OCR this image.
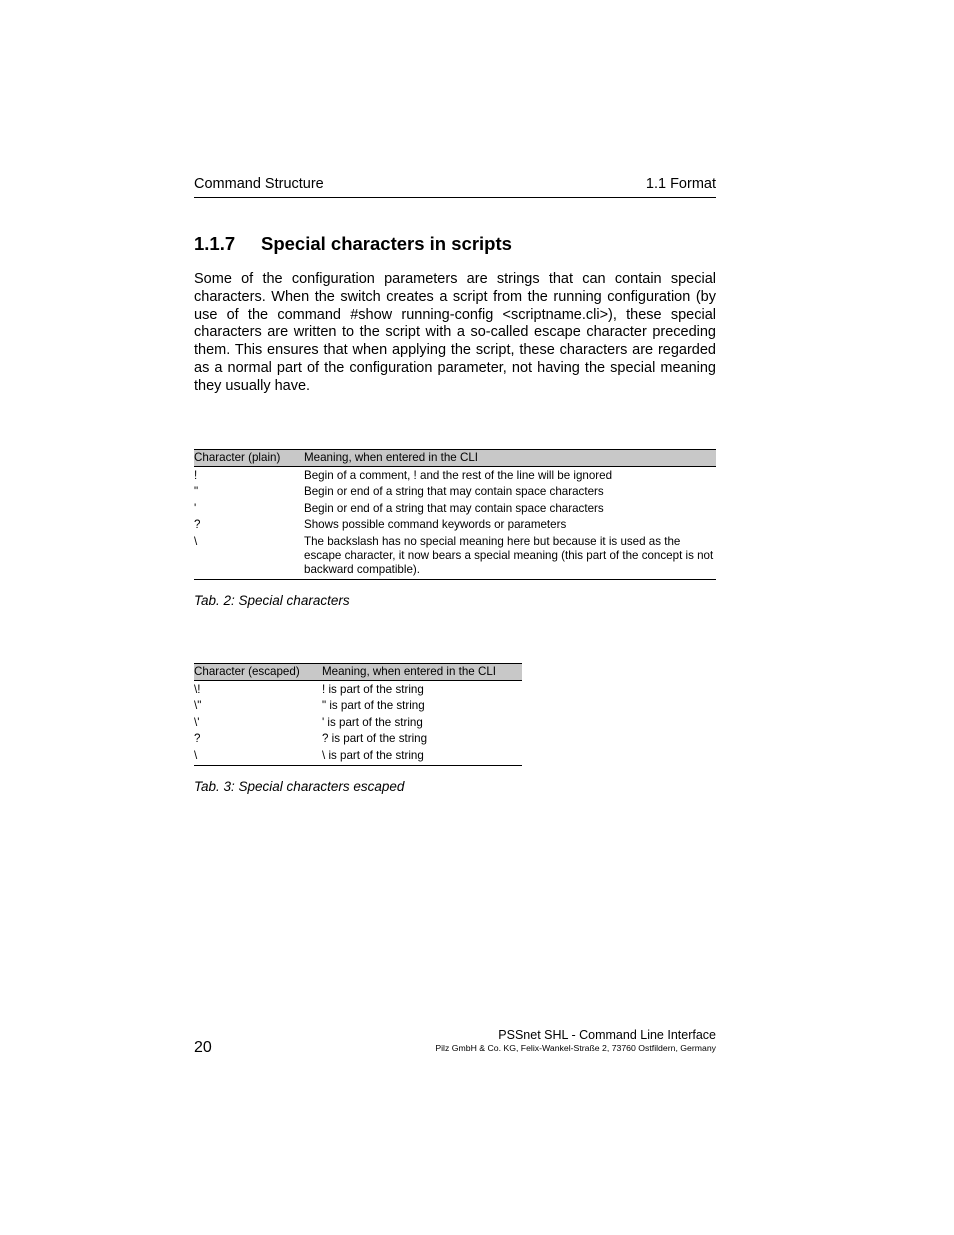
Command Structure	1.1 Format
1.1.7 Special characters in scripts
Some of the configuration parameters are strings that can contain special characters. When the switch creates a script from the running configuration (by use of the command #show running-config <scriptname.cli>), these special characters are written to the script with a so-called escape character preceding them. This ensures that when applying the script, these characters are regarded as a normal part of the configuration parameter, not having the special meaning they usually have.
Character (plain)	Meaning, when entered in the CLI
!	Begin of a comment, ! and the rest of the line will be ignored
"	Begin or end of a string that may contain space characters
'	Begin or end of a string that may contain space characters
?	Shows possible command keywords or parameters
\	The backslash has no special meaning here but because it is used as the escape character, it now bears a special meaning (this part of the concept is not backward compatible).
Tab. 2: Special characters
Character (escaped)	Meaning, when entered in the CLI
\!	! is part of the string
\"	" is part of the string
\'	' is part of the string
?	? is part of the string
\	\ is part of the string
Tab. 3: Special characters escaped
20
PSSnet SHL - Command Line Interface
Pilz GmbH & Co. KG, Felix-Wankel-Straße 2, 73760 Ostfildern, Germany
